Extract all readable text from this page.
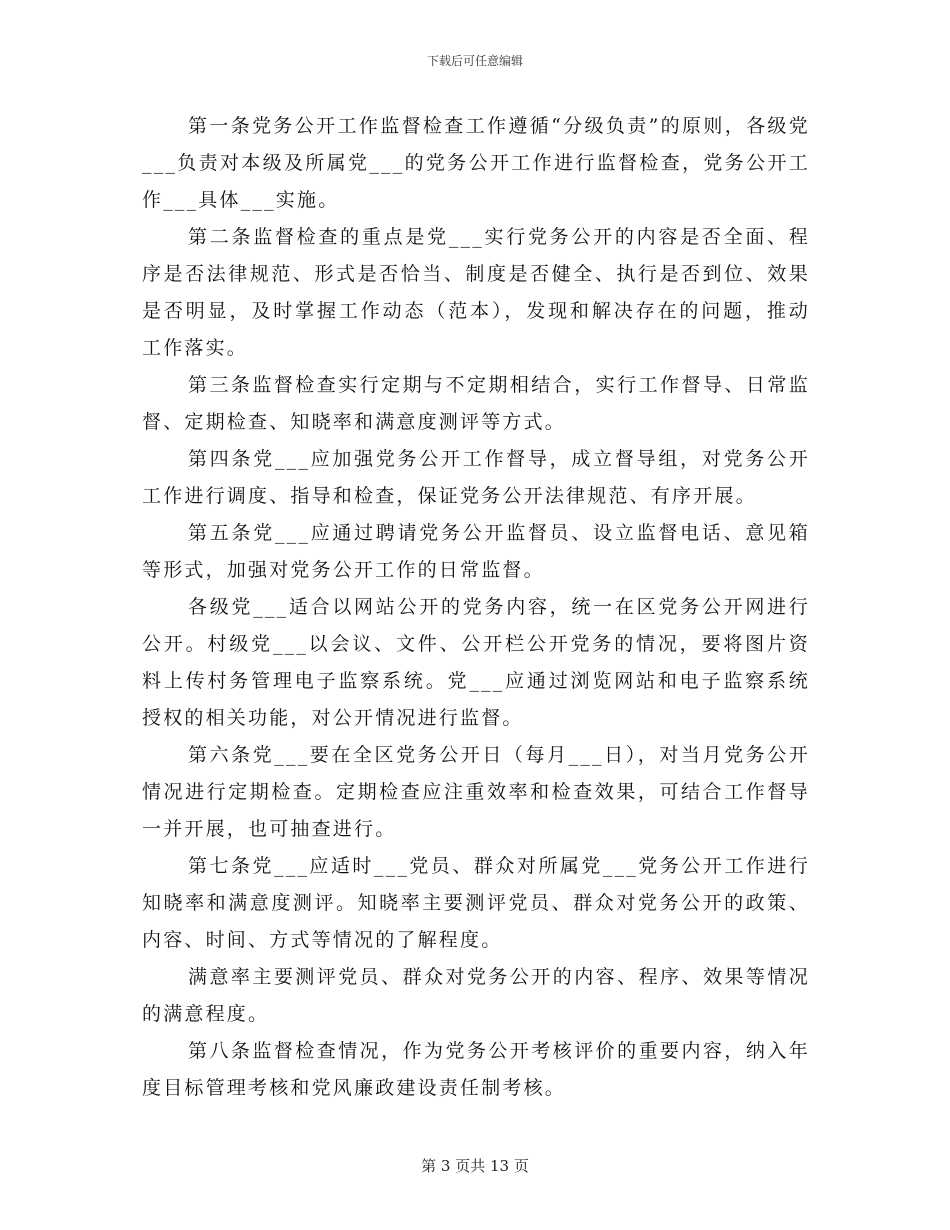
下载后可任意编辑

第一条党务公开工作监督检查工作遵循“分级负责”的原则，各级党___负责对本级及所属党___的党务公开工作进行监督检查，党务公开工作___具体___实施。

第二条监督检查的重点是党___实行党务公开的内容是否全面、程序是否法律规范、形式是否恰当、制度是否健全、执行是否到位、效果是否明显，及时掌握工作动态（范本），发现和解决存在的问题，推动工作落实。

第三条监督检查实行定期与不定期相结合，实行工作督导、日常监督、定期检查、知晓率和满意度测评等方式。

第四条党___应加强党务公开工作督导，成立督导组，对党务公开工作进行调度、指导和检查，保证党务公开法律规范、有序开展。

第五条党___应通过聘请党务公开监督员、设立监督电话、意见箱等形式，加强对党务公开工作的日常监督。

各级党___适合以网站公开的党务内容，统一在区党务公开网进行公开。村级党___以会议、文件、公开栏公开党务的情况，要将图片资料上传村务管理电子监察系统。党___应通过浏览网站和电子监察系统授权的相关功能，对公开情况进行监督。

第六条党___要在全区党务公开日（每月___日），对当月党务公开情况进行定期检查。定期检查应注重效率和检查效果，可结合工作督导一并开展，也可抽查进行。

第七条党___应适时___党员、群众对所属党___党务公开工作进行知晓率和满意度测评。知晓率主要测评党员、群众对党务公开的政策、内容、时间、方式等情况的了解程度。

满意率主要测评党员、群众对党务公开的内容、程序、效果等情况的满意程度。

第八条监督检查情况，作为党务公开考核评价的重要内容，纳入年度目标管理考核和党风廉政建设责任制考核。

第 3 页共 13 页
